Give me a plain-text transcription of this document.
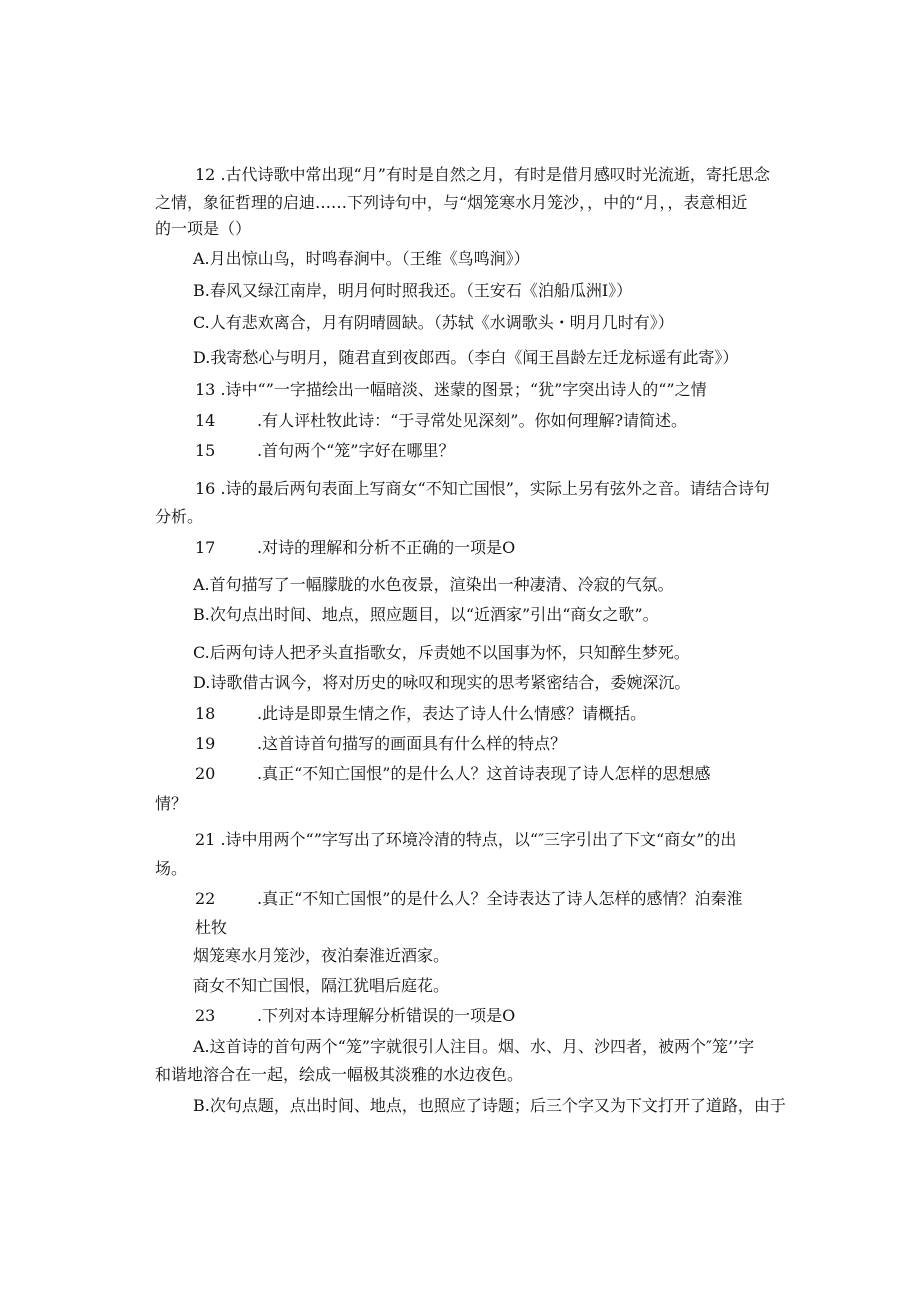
12 .古代诗歌中常出现“月”有时是自然之月，有时是借月感叹时光流逝，寄托思念
之情，象征哲理的启迪……下列诗句中，与“烟笼寒水月笼沙，，中的“月，，表意相近
的一项是（）
A.月出惊山鸟，时鸣春涧中。（王维《鸟鸣涧》）
B.春风又绿江南岸，明月何时照我还。（王安石《泊船瓜洲I》）
C.人有悲欢离合，月有阴晴圆缺。（苏轼《水调歌头・明月几时有》）
D.我寄愁心与明月，随君直到夜郎西。（李白《闻王昌龄左迁龙标遥有此寄》）
13 .诗中“”一字描绘出一幅暗淡、迷蒙的图景；“犹”字突出诗人的“”之情
14	.有人评杜牧此诗：“于寻常处见深刻”。你如何理解?请简述。
15	.首句两个“笼”字好在哪里？
16 .诗的最后两句表面上写商女“不知亡国恨”，实际上另有弦外之音。请结合诗句
分析。
17	.对诗的理解和分析不正确的一项是O
A.首句描写了一幅朦胧的水色夜景，渲染出一种凄清、冷寂的气氛。
B.次句点出时间、地点，照应题目，以“近酒家”引出“商女之歌”。
C.后两句诗人把矛头直指歌女，斥责她不以国事为怀，只知醉生梦死。
D.诗歌借古讽今，将对历史的咏叹和现实的思考紧密结合，委婉深沉。
18	.此诗是即景生情之作，表达了诗人什么情感？请概括。
19	.这首诗首句描写的画面具有什么样的特点？
20	.真正“不知亡国恨”的是什么人？这首诗表现了诗人怎样的思想感
情？
21 .诗中用两个“”字写出了环境冷清的特点，以“″三字引出了下文“商女”的出
场。
22	.真正“不知亡国恨”的是什么人？全诗表达了诗人怎样的感情？泊秦淮
杜牧
烟笼寒水月笼沙，夜泊秦淮近酒家。
商女不知亡国恨，隔江犹唱后庭花。
23	.下列对本诗理解分析错误的一项是O
A.这首诗的首句两个“笼”字就很引人注目。烟、水、月、沙四者，被两个″笼’’字
和谐地溶合在一起，绘成一幅极其淡雅的水边夜色。
B.次句点题，点出时间、地点，也照应了诗题；后三个字又为下文打开了道路，由于
